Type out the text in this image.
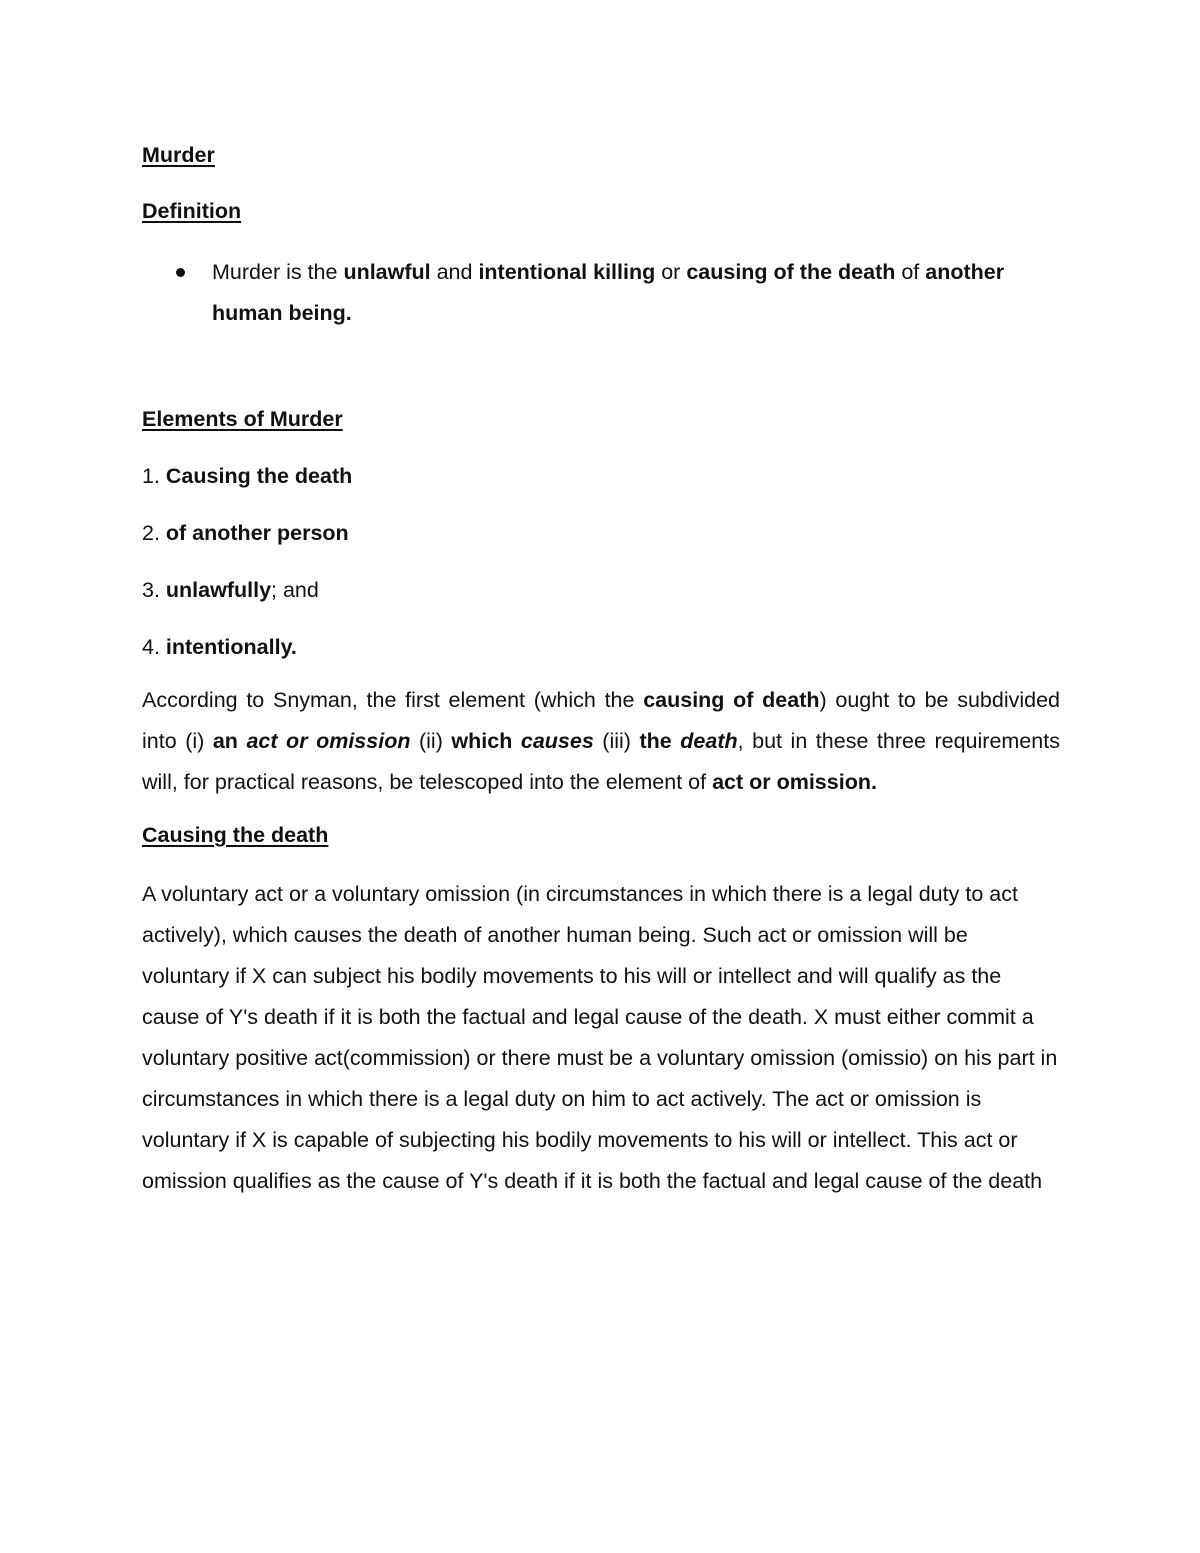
Murder
Definition
Murder is the unlawful and intentional killing or causing of the death of another human being.
Elements of Murder
1. Causing the death
2. of another person
3. unlawfully; and
4. intentionally.

According to Snyman, the first element (which the causing of death) ought to be subdivided into (i) an act or omission (ii) which causes (iii) the death, but in these three requirements will, for practical reasons, be telescoped into the element of act or omission.

Causing the death

A voluntary act or a voluntary omission (in circumstances in which there is a legal duty to act actively), which causes the death of another human being. Such act or omission will be voluntary if X can subject his bodily movements to his will or intellect and will qualify as the cause of Y's death if it is both the factual and legal cause of the death. X must either commit a voluntary positive act(commission) or there must be a voluntary omission (omissio) on his part in circumstances in which there is a legal duty on him to act actively. The act or omission is voluntary if X is capable of subjecting his bodily movements to his will or intellect. This act or omission qualifies as the cause of Y's death if it is both the factual and legal cause of the death
